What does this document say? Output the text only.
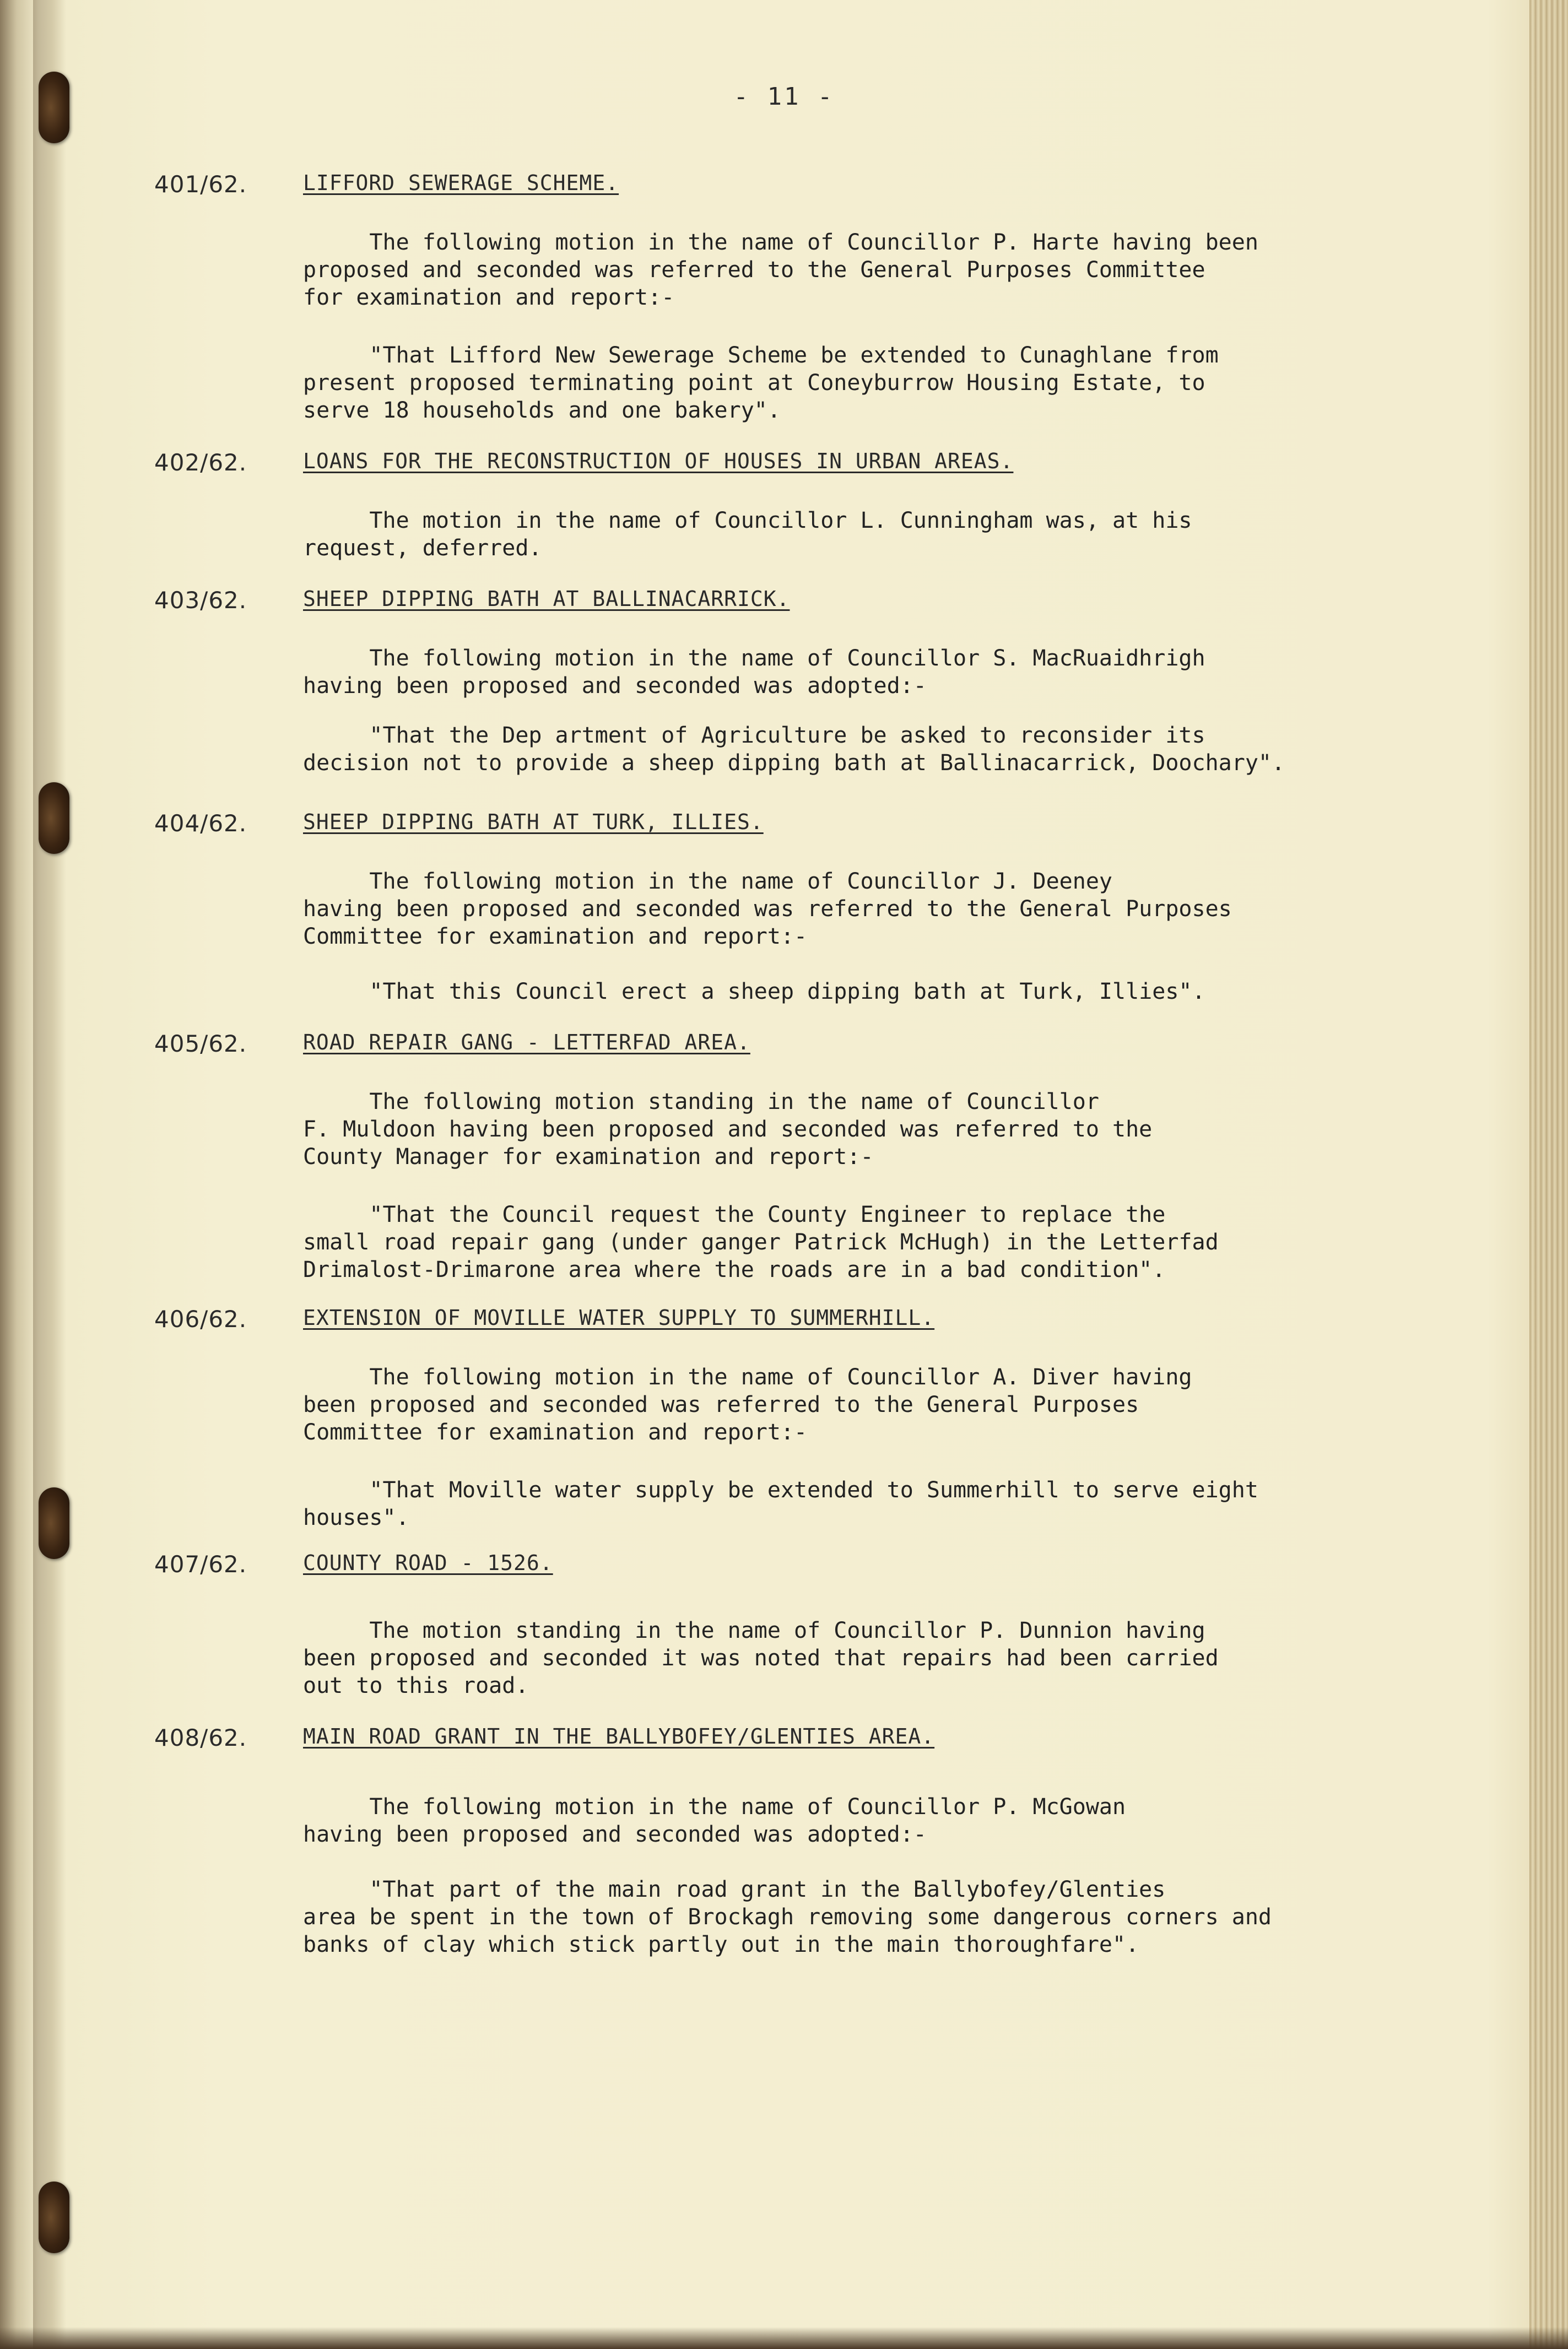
- 11 -
401/62.	LIFFORD SEWERAGE SCHEME.

The following motion in the name of Councillor P. Harte having been
proposed and seconded was referred to the General Purposes Committee
for examination and report:-

"That Lifford New Sewerage Scheme be extended to Cunaghlane from
present proposed terminating point at Coneyburrow Housing Estate, to
serve 18 households and one bakery".

402/62.	LOANS FOR THE RECONSTRUCTION OF HOUSES IN URBAN AREAS.

The motion in the name of Councillor L. Cunningham was, at his
request, deferred.

403/62.	SHEEP DIPPING BATH AT BALLINACARRICK.

The following motion in the name of Councillor S. MacRuaidhrigh
having been proposed and seconded was adopted:-

"That the Dep artment of Agriculture be asked to reconsider its
decision not to provide a sheep dipping bath at Ballinacarrick, Doochary".

404/62.	SHEEP DIPPING BATH AT TURK, ILLIES.

The following motion in the name of Councillor J. Deeney
having been proposed and seconded was referred to the General Purposes
Committee for examination and report:-

"That this Council erect a sheep dipping bath at Turk, Illies".

405/62.	ROAD REPAIR GANG - LETTERFAD AREA.

The following motion standing in the name of Councillor
F. Muldoon having been proposed and seconded was referred to the
County Manager for examination and report:-

"That the Council request the County Engineer to replace the
small road repair gang (under ganger Patrick McHugh) in the Letterfad
Drimalost-Drimarone area where the roads are in a bad condition".

406/62.	EXTENSION OF MOVILLE WATER SUPPLY TO SUMMERHILL.

The following motion in the name of Councillor A. Diver having
been proposed and seconded was referred to the General Purposes
Committee for examination and report:-

"That Moville water supply be extended to Summerhill to serve eight
houses".

407/62.	COUNTY ROAD - 1526.

The motion standing in the name of Councillor P. Dunnion having
been proposed and seconded it was noted that repairs had been carried
out to this road.

408/62.	MAIN ROAD GRANT IN THE BALLYBOFEY/GLENTIES AREA.

The following motion in the name of Councillor P. McGowan
having been proposed and seconded was adopted:-

"That part of the main road grant in the Ballybofey/Glenties
area be spent in the town of Brockagh removing some dangerous corners and
banks of clay which stick partly out in the main thoroughfare".
